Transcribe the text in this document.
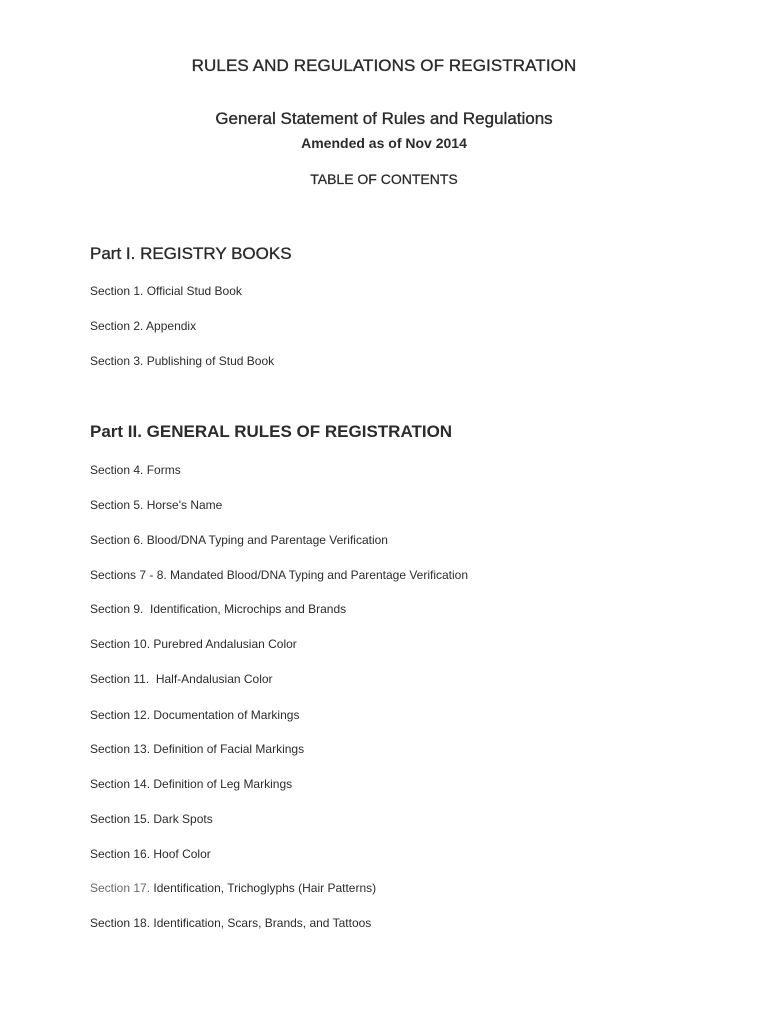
RULES AND REGULATIONS OF REGISTRATION
General Statement of Rules and Regulations
Amended as of Nov 2014
TABLE OF CONTENTS
Part I. REGISTRY BOOKS
Section 1. Official Stud Book
Section 2. Appendix
Section 3. Publishing of Stud Book
Part II. GENERAL RULES OF REGISTRATION
Section 4. Forms
Section 5. Horse's Name
Section 6. Blood/DNA Typing and Parentage Verification
Sections 7 - 8. Mandated Blood/DNA Typing and Parentage Verification
Section 9.  Identification, Microchips and Brands
Section 10. Purebred Andalusian Color
Section 11.  Half-Andalusian Color
Section 12. Documentation of Markings
Section 13. Definition of Facial Markings
Section 14. Definition of Leg Markings
Section 15. Dark Spots
Section 16. Hoof Color
Section 17. Identification, Trichoglyphs (Hair Patterns)
Section 18. Identification, Scars, Brands, and Tattoos
